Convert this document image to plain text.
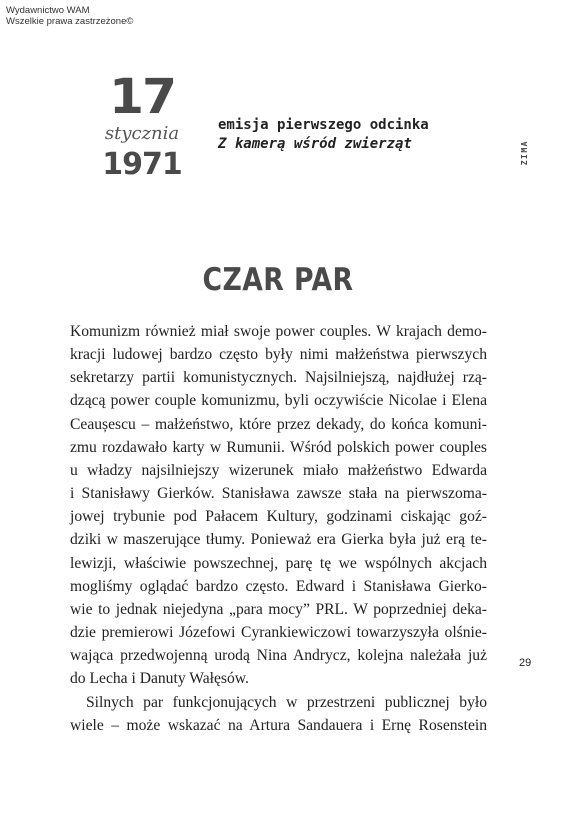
Wydawnictwo WAM
Wszelkie prawa zastrzeżone©
17
stycznia
1971
emisja pierwszego odcinka
Z kamerą wśród zwierząt	ZIMA
CZAR PAR
Komunizm również miał swoje power couples. W krajach demo-
kracji ludowej bardzo często były nimi małżeństwa pierwszych
sekretarzy partii komunistycznych. Najsilniejszą, najdłużej rzą-
dzącą power couple komunizmu, byli oczywiście Nicolae i Elena
Ceaușescu – małżeństwo, które przez dekady, do końca komuni-
zmu rozdawało karty w Rumunii. Wśród polskich power couples
u władzy najsilniejszy wizerunek miało małżeństwo Edwarda
i Stanisławy Gierków. Stanisława zawsze stała na pierwszoma-
jowej trybunie pod Pałacem Kultury, godzinami ciskając goź-
dziki w maszerujące tłumy. Ponieważ era Gierka była już erą te-
lewizji, właściwie powszechnej, parę tę we wspólnych akcjach
mogliśmy oglądać bardzo często. Edward i Stanisława Gierko-
wie to jednak niejedyna „para mocy” PRL. W poprzedniej deka-
dzie premierowi Józefowi Cyrankiewiczowi towarzyszyła olśnie-
wająca przedwojenną urodą Nina Andrycz, kolejna należała już
do Lecha i Danuty Wałęsów.
Silnych par funkcjonujących w przestrzeni publicznej było
wiele – może wskazać na Artura Sandauera i Ernę Rosenstein
29
